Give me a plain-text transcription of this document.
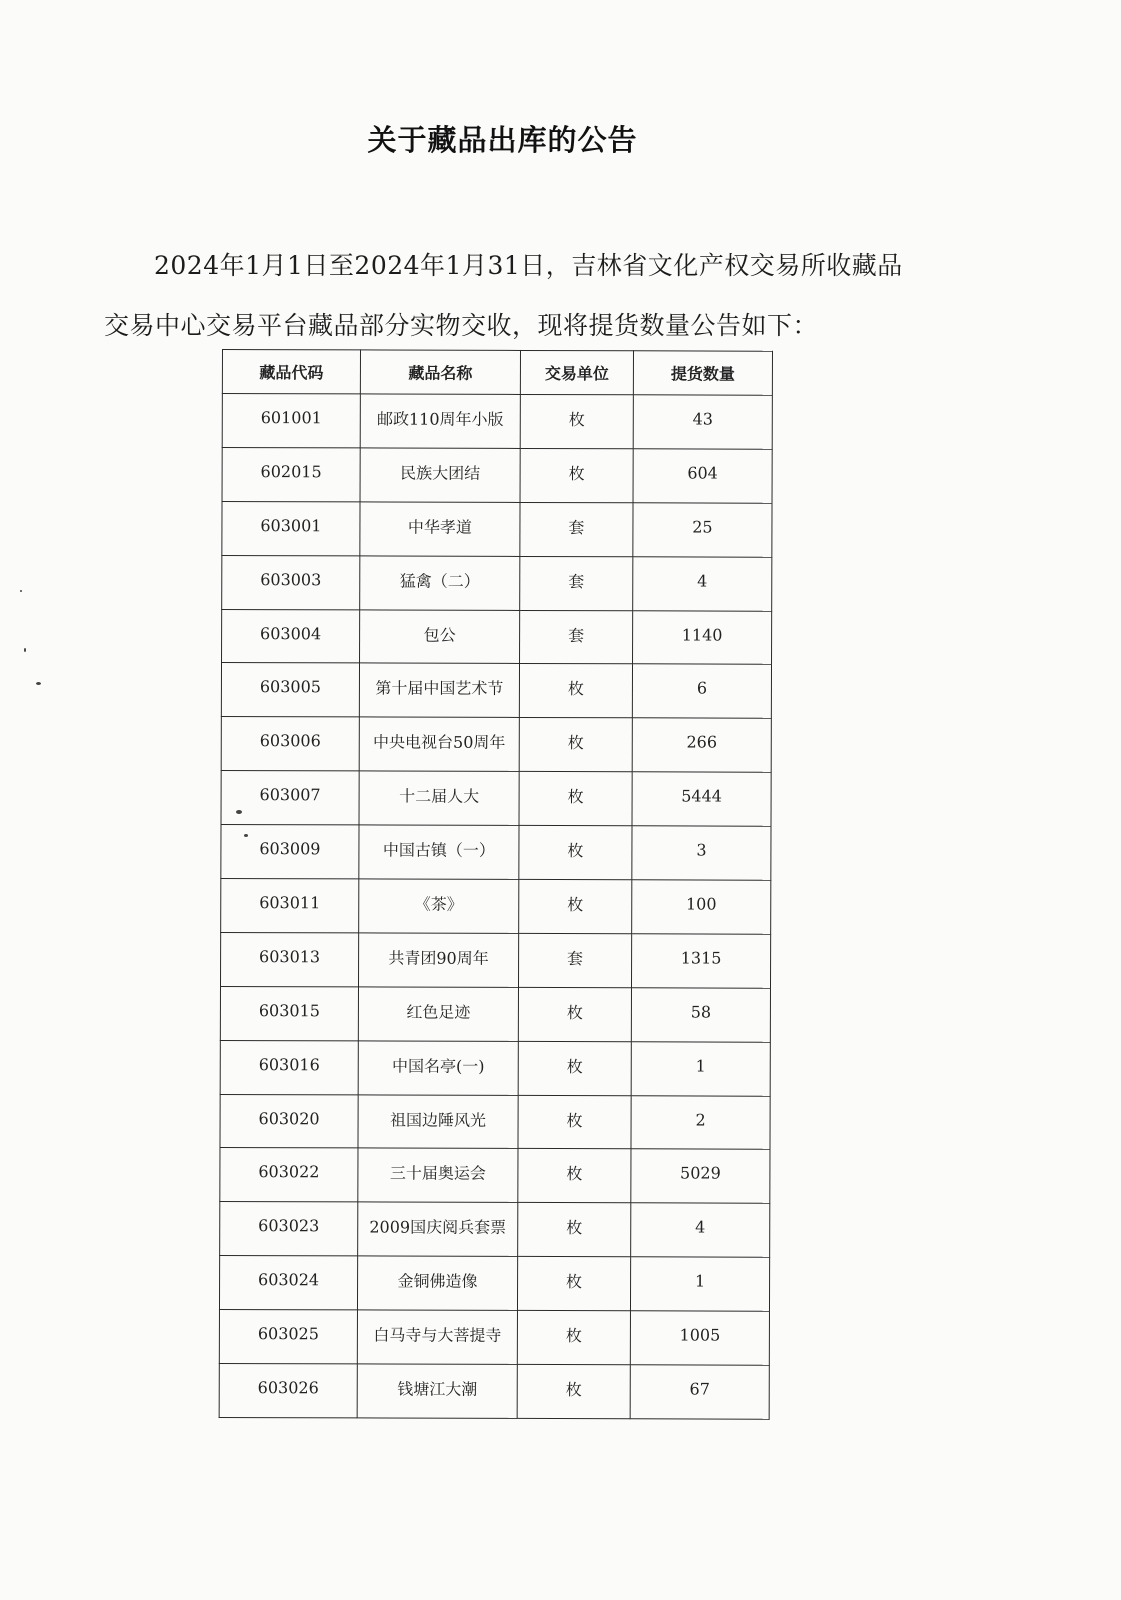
关于藏品出库的公告
2024年1月1日至2024年1月31日，吉林省文化产权交易所收藏品交易中心交易平台藏品部分实物交收，现将提货数量公告如下：
藏品代码	藏品名称	交易单位	提货数量
601001	邮政110周年小版	枚	43
602015	民族大团结	枚	604
603001	中华孝道	套	25
603003	猛禽（二）	套	4
603004	包公	套	1140
603005	第十届中国艺术节	枚	6
603006	中央电视台50周年	枚	266
603007	十二届人大	枚	5444
603009	中国古镇（一）	枚	3
603011	《茶》	枚	100
603013	共青团90周年	套	1315
603015	红色足迹	枚	58
603016	中国名亭(一)	枚	1
603020	祖国边陲风光	枚	2
603022	三十届奥运会	枚	5029
603023	2009国庆阅兵套票	枚	4
603024	金铜佛造像	枚	1
603025	白马寺与大菩提寺	枚	1005
603026	钱塘江大潮	枚	67
